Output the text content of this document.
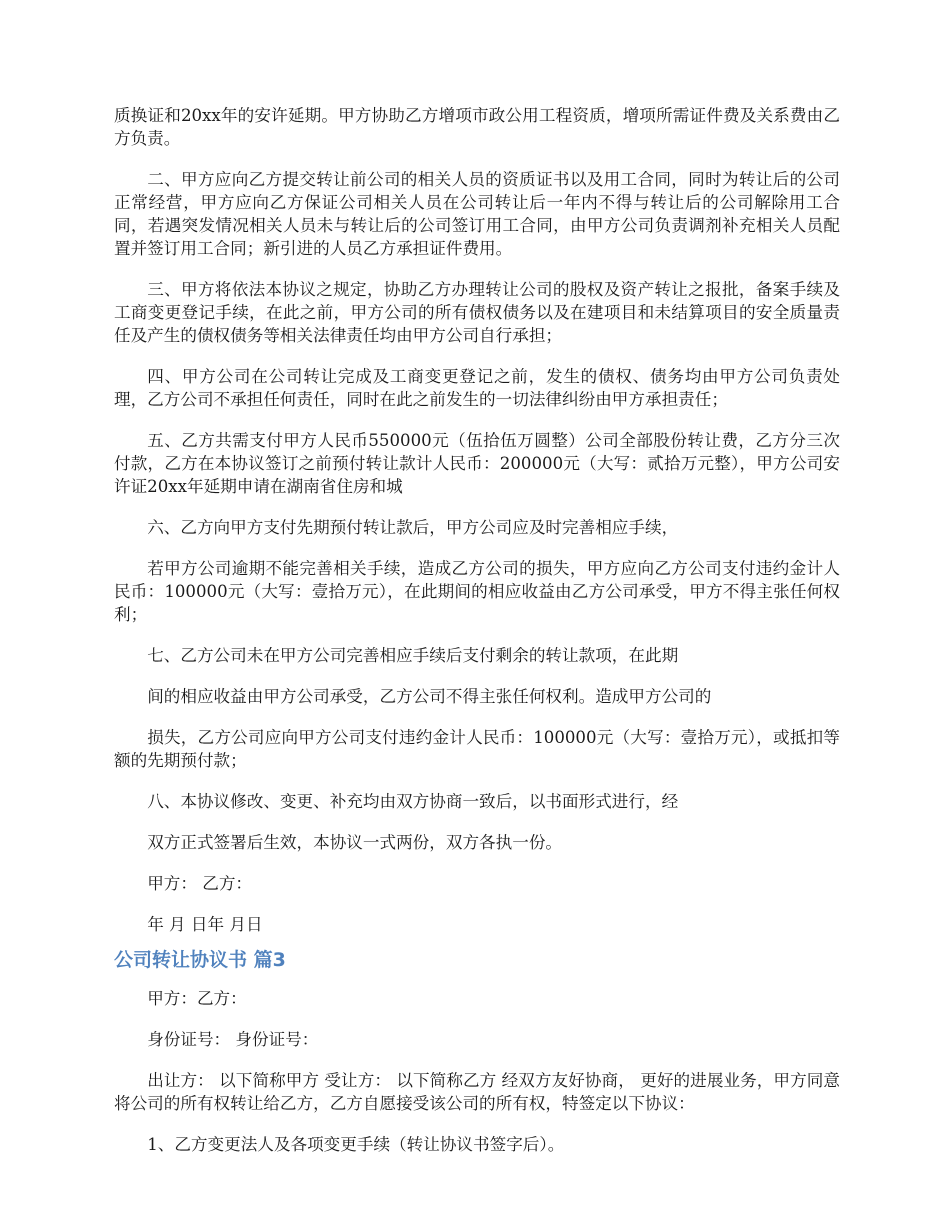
质换证和20xx年的安许延期。甲方协助乙方增项市政公用工程资质，增项所需证件费及关系费由乙方负责。

二、甲方应向乙方提交转让前公司的相关人员的资质证书以及用工合同，同时为转让后的公司正常经营，甲方应向乙方保证公司相关人员在公司转让后一年内不得与转让后的公司解除用工合同，若遇突发情况相关人员未与转让后的公司签订用工合同，由甲方公司负责调剂补充相关人员配置并签订用工合同；新引进的人员乙方承担证件费用。

三、甲方将依法本协议之规定，协助乙方办理转让公司的股权及资产转让之报批，备案手续及工商变更登记手续，在此之前，甲方公司的所有债权债务以及在建项目和未结算项目的安全质量责任及产生的债权债务等相关法律责任均由甲方公司自行承担；

四、甲方公司在公司转让完成及工商变更登记之前，发生的债权、债务均由甲方公司负责处理，乙方公司不承担任何责任，同时在此之前发生的一切法律纠纷由甲方承担责任；

五、乙方共需支付甲方人民币550000元（伍拾伍万圆整）公司全部股份转让费，乙方分三次付款，乙方在本协议签订之前预付转让款计人民币：200000元（大写：贰拾万元整），甲方公司安许证20xx年延期申请在湖南省住房和城

六、乙方向甲方支付先期预付转让款后，甲方公司应及时完善相应手续，

若甲方公司逾期不能完善相关手续，造成乙方公司的损失，甲方应向乙方公司支付违约金计人民币：100000元（大写：壹拾万元），在此期间的相应收益由乙方公司承受，甲方不得主张任何权利；

七、乙方公司未在甲方公司完善相应手续后支付剩余的转让款项，在此期

间的相应收益由甲方公司承受，乙方公司不得主张任何权利。造成甲方公司的

损失，乙方公司应向甲方公司支付违约金计人民币：100000元（大写：壹拾万元），或抵扣等额的先期预付款；

八、本协议修改、变更、补充均由双方协商一致后，以书面形式进行，经

双方正式签署后生效，本协议一式两份，双方各执一份。

甲方： 乙方：

年 月 日年 月日

公司转让协议书 篇3

甲方：乙方：

身份证号： 身份证号：

出让方： 以下简称甲方 受让方： 以下简称乙方 经双方友好协商， 更好的进展业务，甲方同意将公司的所有权转让给乙方，乙方自愿接受该公司的所有权，特签定以下协议：

1、乙方变更法人及各项变更手续（转让协议书签字后）。
